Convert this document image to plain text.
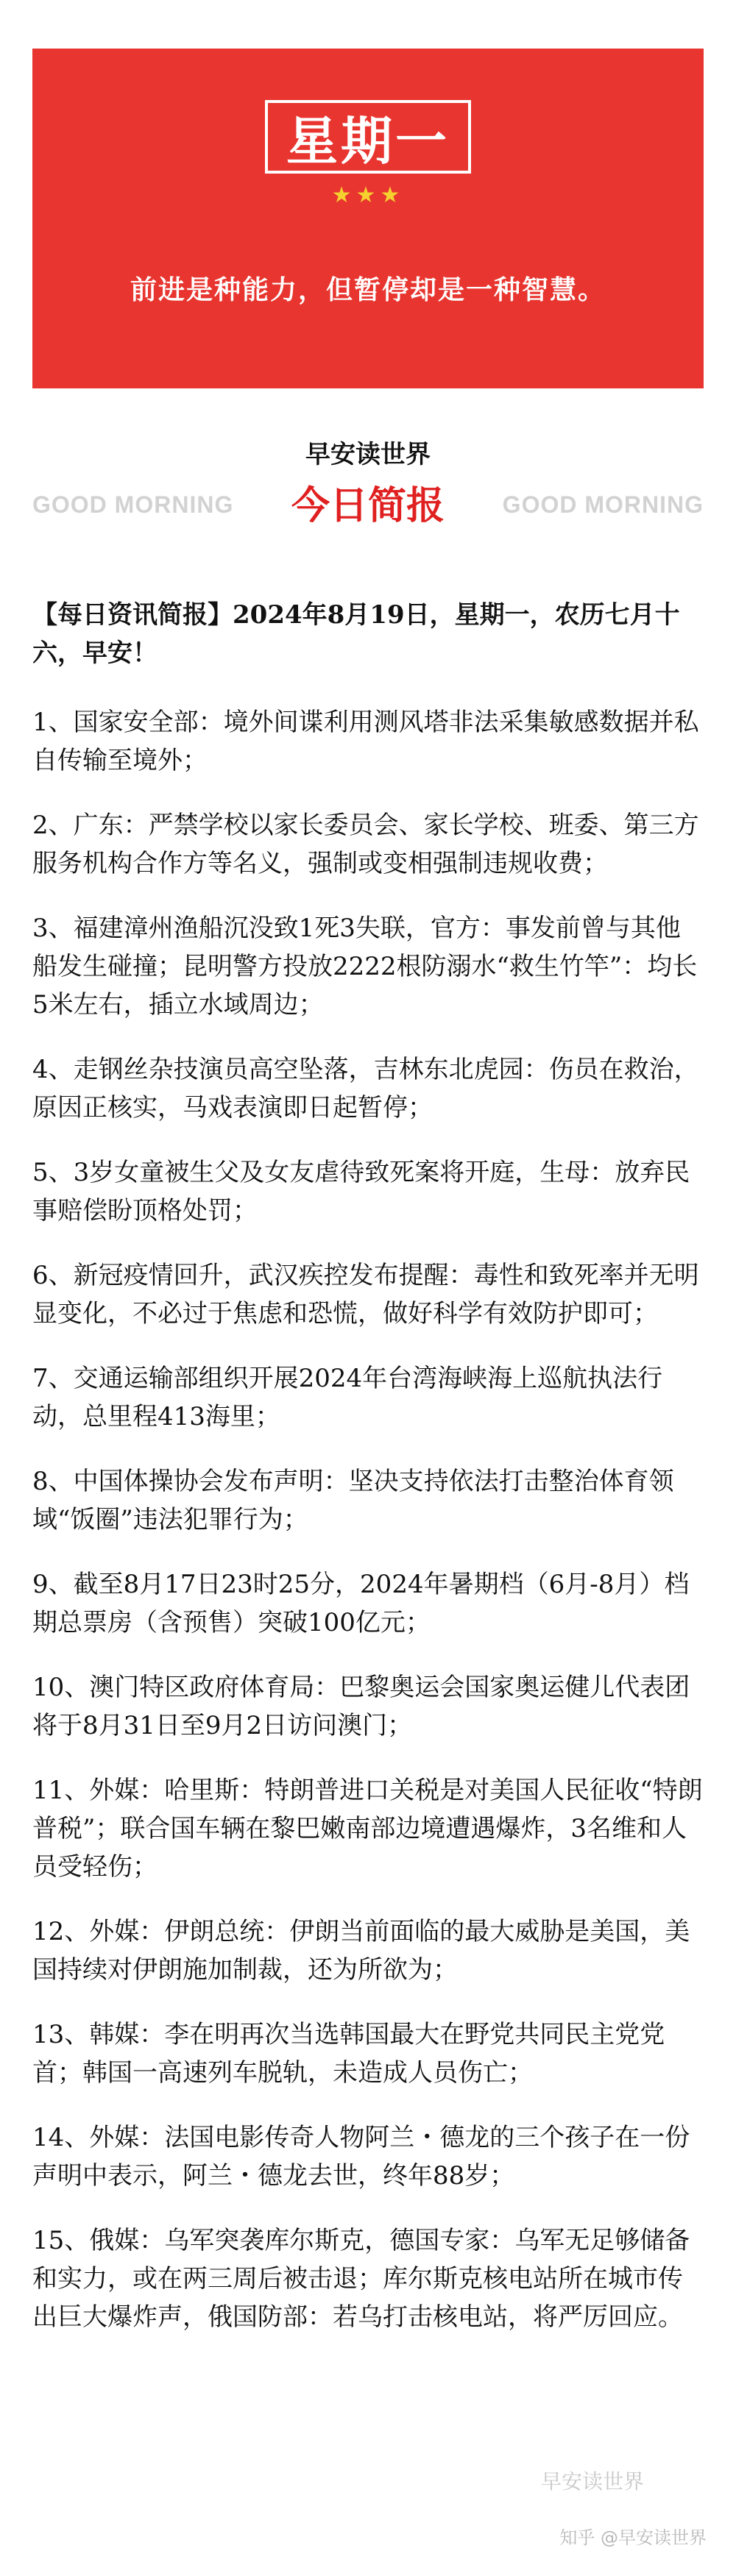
星期一
★★★
前进是种能力，但暂停却是一种智慧。
早安读世界
GOOD MORNING	今日简报	GOOD MORNING

【每日资讯简报】2024年8月19日，星期一，农历七月十六，早安！

1、国家安全部：境外间谍利用测风塔非法采集敏感数据并私自传输至境外；

2、广东：严禁学校以家长委员会、家长学校、班委、第三方服务机构合作方等名义，强制或变相强制违规收费；

3、福建漳州渔船沉没致1死3失联，官方：事发前曾与其他船发生碰撞；昆明警方投放2222根防溺水“救生竹竿”：均长5米左右，插立水域周边；

4、走钢丝杂技演员高空坠落，吉林东北虎园：伤员在救治，原因正核实，马戏表演即日起暂停；

5、3岁女童被生父及女友虐待致死案将开庭，生母：放弃民事赔偿盼顶格处罚；

6、新冠疫情回升，武汉疾控发布提醒：毒性和致死率并无明显变化，不必过于焦虑和恐慌，做好科学有效防护即可；

7、交通运输部组织开展2024年台湾海峡海上巡航执法行动，总里程413海里；

8、中国体操协会发布声明：坚决支持依法打击整治体育领域“饭圈”违法犯罪行为；

9、截至8月17日23时25分，2024年暑期档（6月-8月）档期总票房（含预售）突破100亿元；

10、澳门特区政府体育局：巴黎奥运会国家奥运健儿代表团将于8月31日至9月2日访问澳门；

11、外媒：哈里斯：特朗普进口关税是对美国人民征收“特朗普税”；联合国车辆在黎巴嫩南部边境遭遇爆炸，3名维和人员受轻伤；

12、外媒：伊朗总统：伊朗当前面临的最大威胁是美国，美国持续对伊朗施加制裁，还为所欲为；

13、韩媒：李在明再次当选韩国最大在野党共同民主党党首；韩国一高速列车脱轨，未造成人员伤亡；

14、外媒：法国电影传奇人物阿兰・德龙的三个孩子在一份声明中表示，阿兰・德龙去世，终年88岁；

15、俄媒：乌军突袭库尔斯克，德国专家：乌军无足够储备和实力，或在两三周后被击退；库尔斯克核电站所在城市传出巨大爆炸声，俄国防部：若乌打击核电站，将严厉回应。

早安读世界
知乎 @早安读世界
